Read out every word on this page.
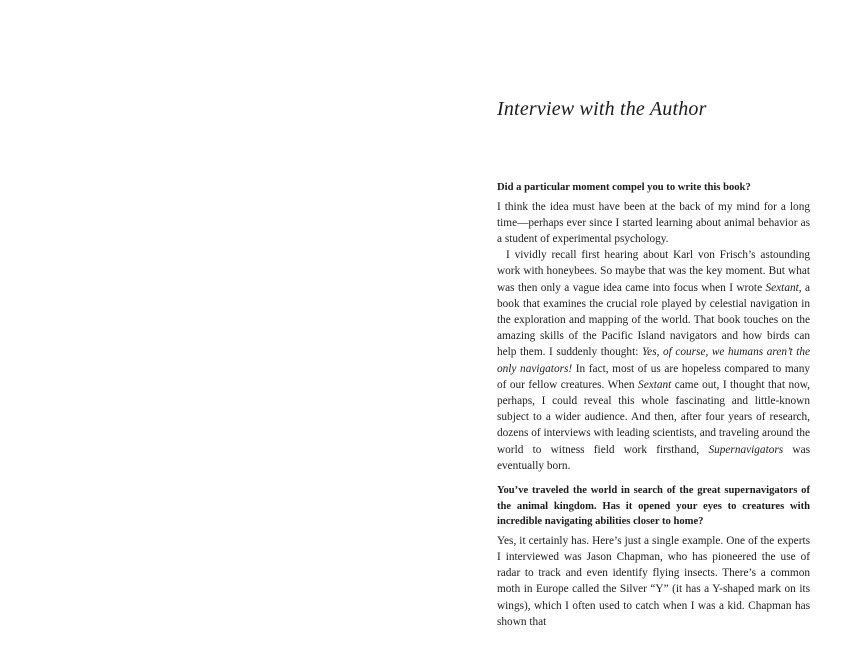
Interview with the Author

Did a particular moment compel you to write this book?

I think the idea must have been at the back of my mind for a long time—perhaps ever since I started learning about animal behavior as a student of experimental psychology.

I vividly recall first hearing about Karl von Frisch’s astounding work with honeybees. So maybe that was the key moment. But what was then only a vague idea came into focus when I wrote Sextant, a book that examines the crucial role played by celestial navigation in the exploration and mapping of the world. That book touches on the amazing skills of the Pacific Island navigators and how birds can help them. I suddenly thought: Yes, of course, we humans aren’t the only navigators! In fact, most of us are hopeless compared to many of our fellow creatures. When Sextant came out, I thought that now, perhaps, I could reveal this whole fascinating and little-known subject to a wider audience. And then, after four years of research, dozens of interviews with leading scientists, and traveling around the world to witness field work firsthand, Supernavigators was eventually born.

You’ve traveled the world in search of the great supernavigators of the animal kingdom. Has it opened your eyes to creatures with incredible navigating abilities closer to home?

Yes, it certainly has. Here’s just a single example. One of the experts I interviewed was Jason Chapman, who has pioneered the use of radar to track and even identify flying insects. There’s a common moth in Europe called the Silver “Y” (it has a Y-shaped mark on its wings), which I often used to catch when I was a kid. Chapman has shown that
